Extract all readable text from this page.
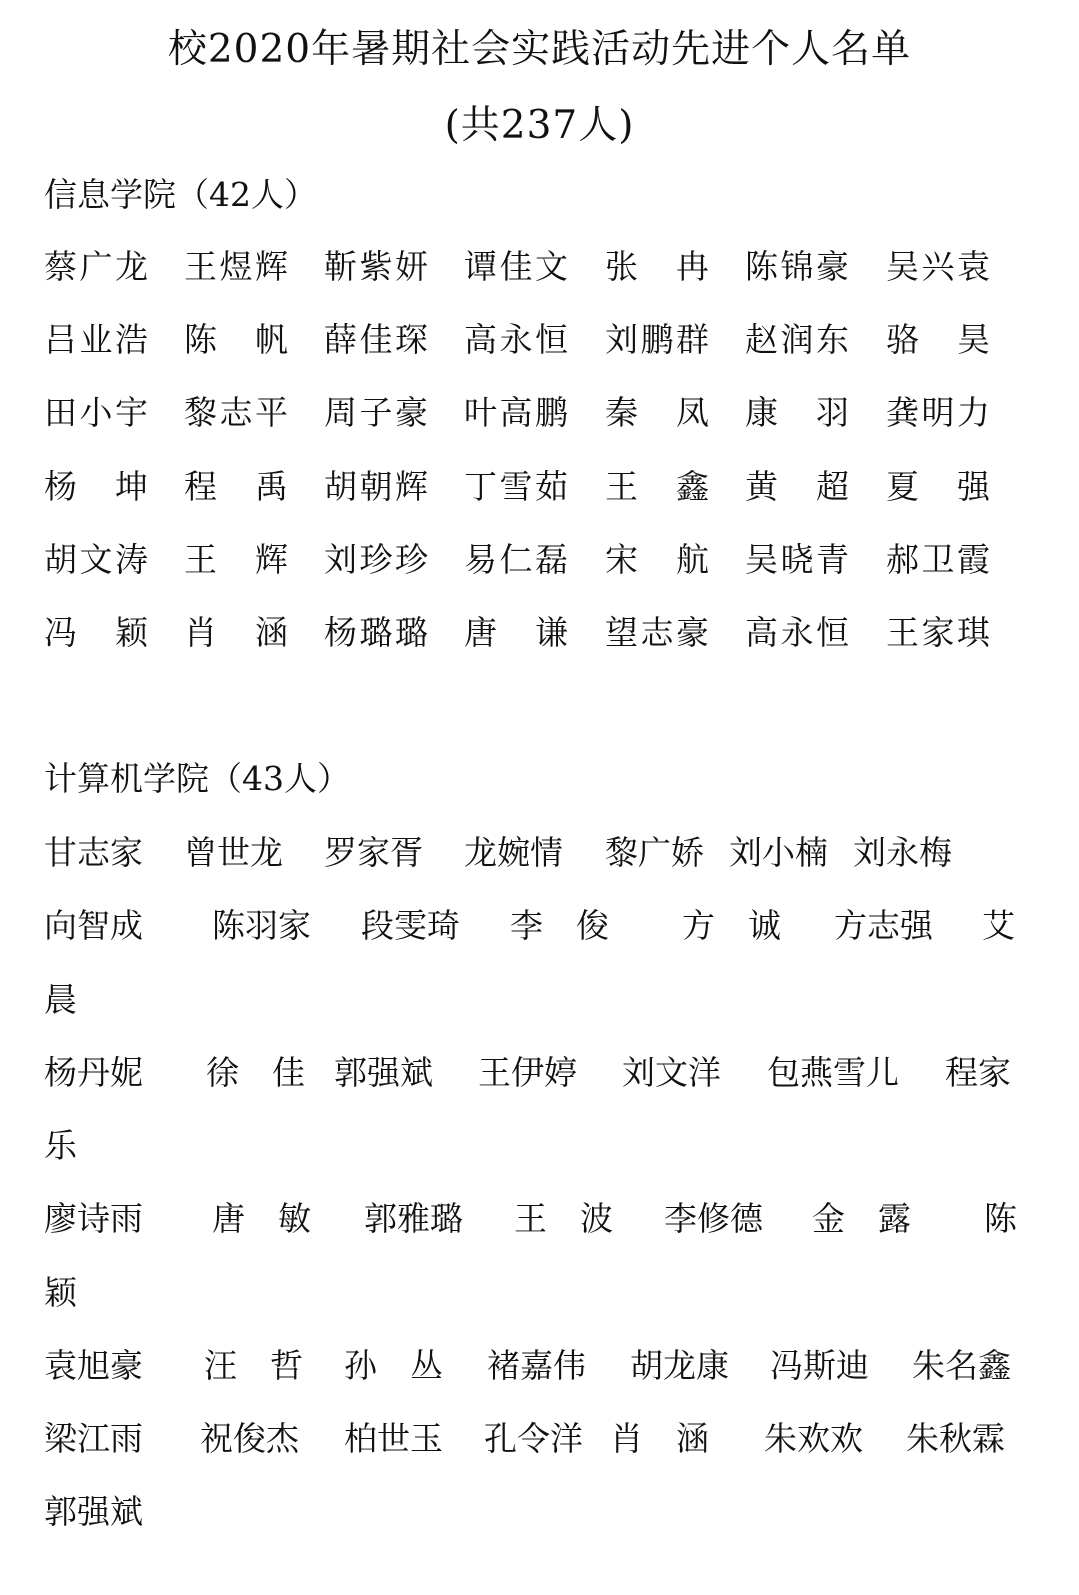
校2020年暑期社会实践活动先进个人名单
(共237人)
信息学院（42人）
蔡广龙 王煜辉 靳紫妍 谭佳文 张冉 陈锦豪 吴兴袁
吕业浩 陈帆 薛佳琛 高永恒 刘鹏群 赵润东 骆昊
田小宇 黎志平 周子豪 叶高鹏 秦凤 康羽 龚明力
杨坤 程禹 胡朝辉 丁雪茹 王鑫 黄超 夏强
胡文涛 王辉 刘珍珍 易仁磊 宋航 吴晓青 郝卫霞
冯颖 肖涵 杨璐璐 唐谦 望志豪 高永恒 王家琪
计算机学院（43人）
甘志家 曾世龙 罗家胥 龙婉情 黎广娇 刘小楠 刘永梅
向智成 陈羽家 段雯琦 李　俊 方　诚 方志强 艾
晨
杨丹妮 徐　佳 郭强斌 王伊婷 刘文洋 包燕雪儿 程家
乐
廖诗雨 唐　敏 郭雅璐 王　波 李修德 金　露 陈
颖
袁旭豪 汪　哲 孙　丛 褚嘉伟 胡龙康 冯斯迪 朱名鑫
梁江雨 祝俊杰 柏世玉 孔令洋 肖　涵 朱欢欢 朱秋霖
郭强斌
